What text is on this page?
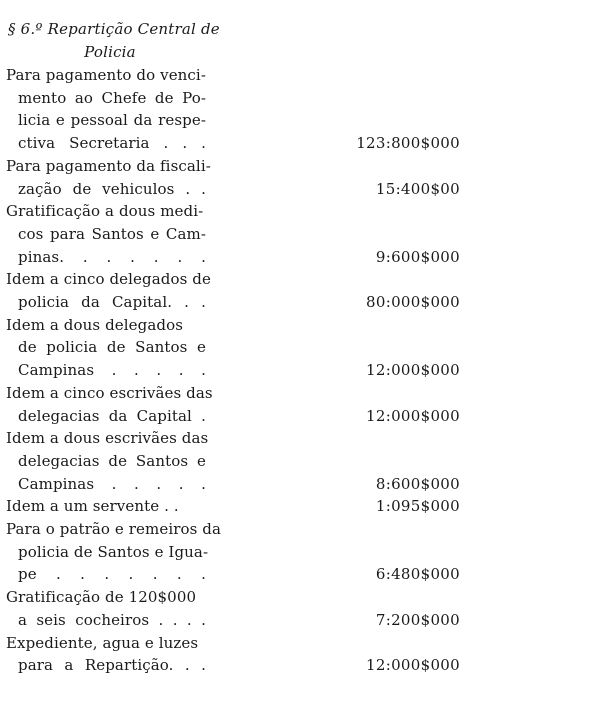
§ 6.º Repartição Central de
Policia
Para pagamento do venci-
mento ao Chefe de Po-
licia e pessoal da respe-
ctiva Secretaria . . .	123:800$000
Para pagamento da fiscali-
zação de vehiculos . .	15:400$00
Gratificação a dous medi-
cos para Santos e Cam-
pinas. . . . . . .	9:600$000
Idem a cinco delegados de
policia da Capital. . .	80:000$000
Idem a dous delegados
de policia de Santos e
Campinas . . . . .	12:000$000
Idem a cinco escrivães das
delegacias da Capital .	12:000$000
Idem a dous escrivães das
delegacias de Santos e
Campinas . . . . .	8:600$000
Idem a um servente . .	1:095$000
Para o patrão e remeiros da
policia de Santos e Igua-
pe . . . . . . .	6:480$000
Gratificação de 120$000
a seis cocheiros . . . .	7:200$000
Expediente, agua e luzes
para a Repartição. . .	12:000$000
